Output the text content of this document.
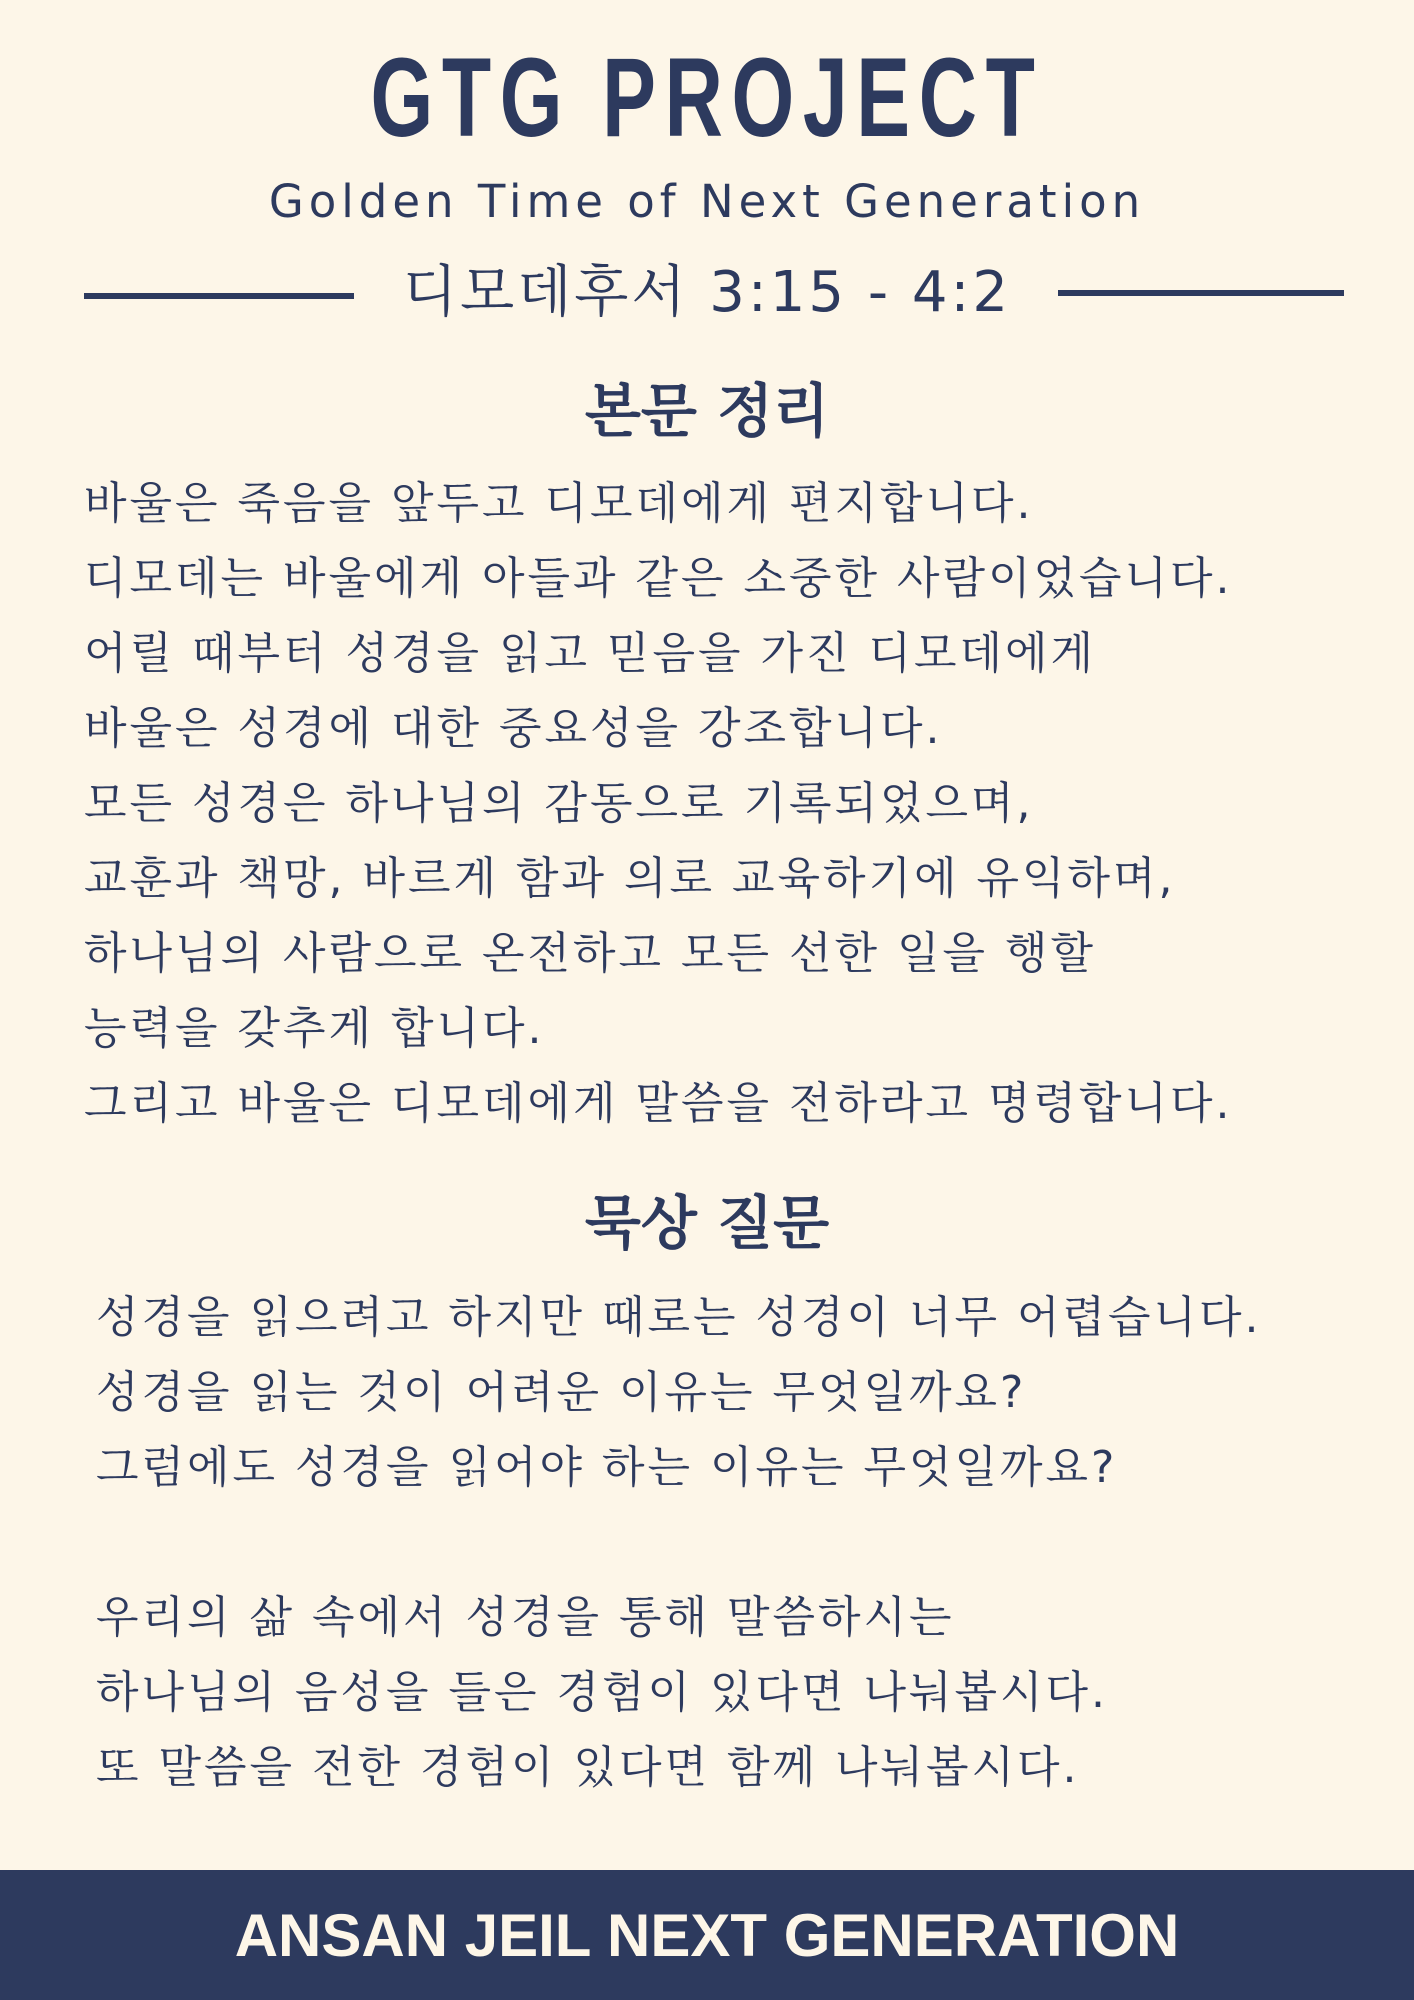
GTG PROJECT
Golden Time of Next Generation
디모데후서 3:15 - 4:2
본문 정리
바울은 죽음을 앞두고 디모데에게 편지합니다.
디모데는 바울에게 아들과 같은 소중한 사람이었습니다.
어릴 때부터 성경을 읽고 믿음을 가진 디모데에게
바울은 성경에 대한 중요성을 강조합니다.
모든 성경은 하나님의 감동으로 기록되었으며,
교훈과 책망, 바르게 함과 의로 교육하기에 유익하며,
하나님의 사람으로 온전하고 모든 선한 일을 행할
능력을 갖추게 합니다.
그리고 바울은 디모데에게 말씀을 전하라고 명령합니다.
묵상 질문
성경을 읽으려고 하지만 때로는 성경이 너무 어렵습니다.
성경을 읽는 것이 어려운 이유는 무엇일까요?
그럼에도 성경을 읽어야 하는 이유는 무엇일까요?
우리의 삶 속에서 성경을 통해 말씀하시는
하나님의 음성을 들은 경험이 있다면 나눠봅시다.
또 말씀을 전한 경험이 있다면 함께 나눠봅시다.
ANSAN JEIL NEXT GENERATION
